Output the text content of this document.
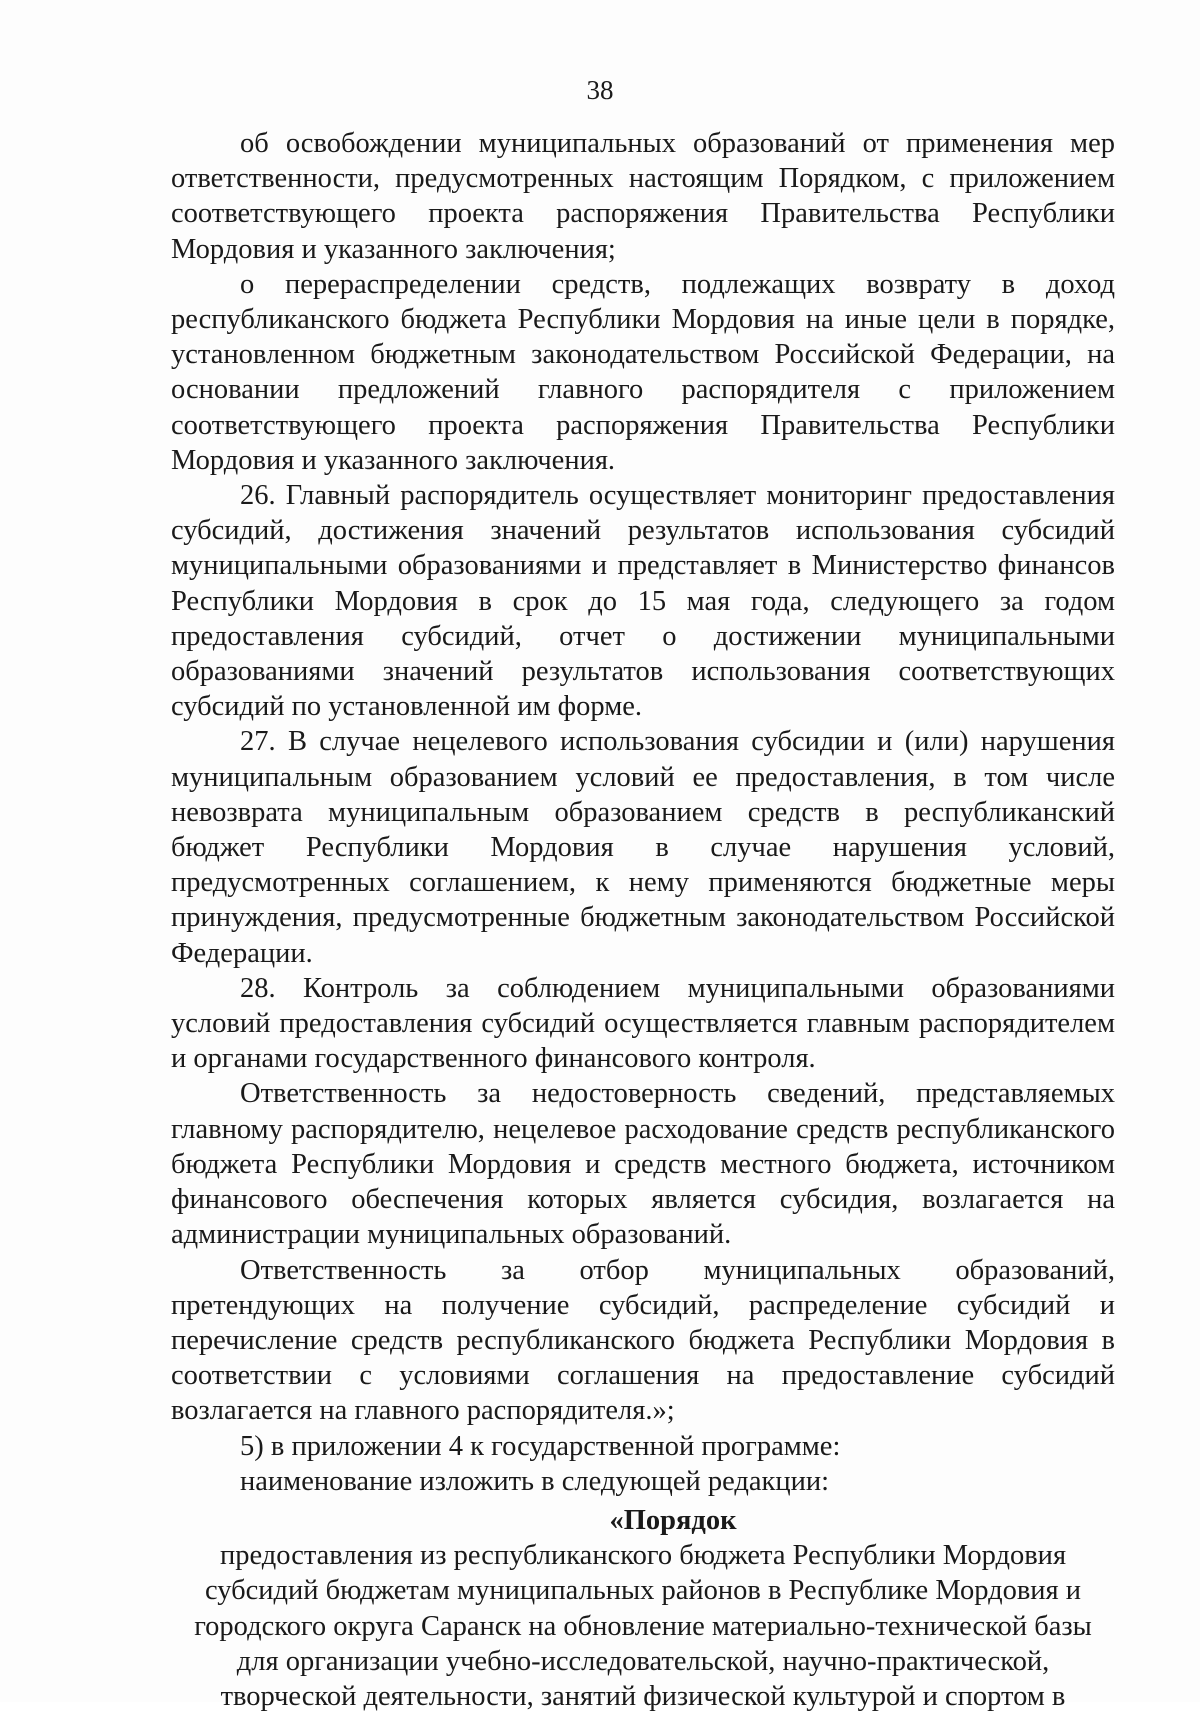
38

об освобождении муниципальных образований от применения мер ответственности, предусмотренных настоящим Порядком, с приложением соответствующего проекта распоряжения Правительства Республики Мордовия и указанного заключения;

о перераспределении средств, подлежащих возврату в доход республиканского бюджета Республики Мордовия на иные цели в порядке, установленном бюджетным законодательством Российской Федерации, на основании предложений главного распорядителя с приложением соответствующего проекта распоряжения Правительства Республики Мордовия и указанного заключения.

26. Главный распорядитель осуществляет мониторинг предоставления субсидий, достижения значений результатов использования субсидий муниципальными образованиями и представляет в Министерство финансов Республики Мордовия в срок до 15 мая года, следующего за годом предоставления субсидий, отчет о достижении муниципальными образованиями значений результатов использования соответствующих субсидий по установленной им форме.

27. В случае нецелевого использования субсидии и (или) нарушения муниципальным образованием условий ее предоставления, в том числе невозврата муниципальным образованием средств в республиканский бюджет Республики Мордовия в случае нарушения условий, предусмотренных соглашением, к нему применяются бюджетные меры принуждения, предусмотренные бюджетным законодательством Российской Федерации.

28. Контроль за соблюдением муниципальными образованиями условий предоставления субсидий осуществляется главным распорядителем и органами государственного финансового контроля.

Ответственность за недостоверность сведений, представляемых главному распорядителю, нецелевое расходование средств республиканского бюджета Республики Мордовия и средств местного бюджета, источником финансового обеспечения которых является субсидия, возлагается на администрации муниципальных образований.

Ответственность за отбор муниципальных образований, претендующих на получение субсидий, распределение субсидий и перечисление средств республиканского бюджета Республики Мордовия в соответствии с условиями соглашения на предоставление субсидий возлагается на главного распорядителя.»;

5) в приложении 4 к государственной программе:

наименование изложить в следующей редакции:

«Порядок

предоставления из республиканского бюджета Республики Мордовия

субсидий бюджетам муниципальных районов в Республике Мордовия и

городского округа Саранск на обновление материально-технической базы

для организации учебно-исследовательской, научно-практической,

творческой деятельности, занятий физической культурой и спортом в
